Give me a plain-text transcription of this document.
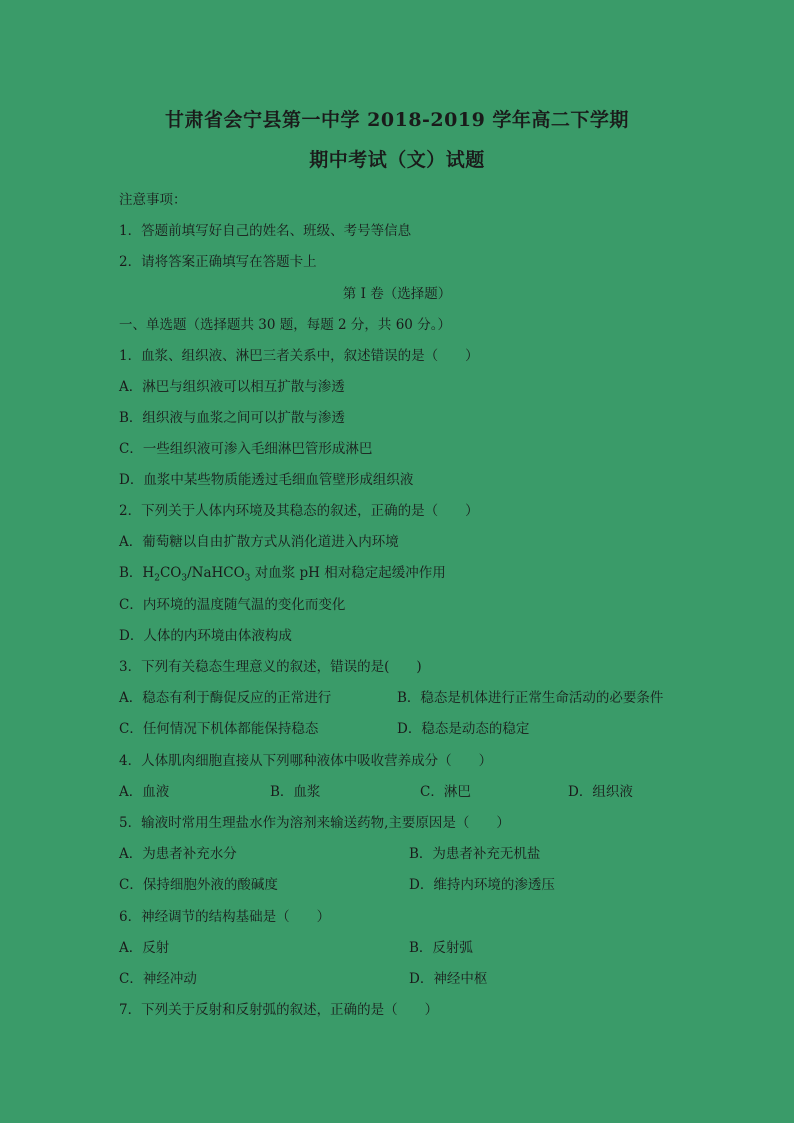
甘肃省会宁县第一中学 2018-2019 学年高二下学期
期中考试（文）试题
注意事项：
1．答题前填写好自己的姓名、班级、考号等信息
2．请将答案正确填写在答题卡上
第 I 卷（选择题）
一、单选题（选择题共 30 题，每题 2 分，共 60 分。）
1．血浆、组织液、淋巴三者关系中，叙述错误的是（　　）
A．淋巴与组织液可以相互扩散与渗透
B．组织液与血浆之间可以扩散与渗透
C．一些组织液可渗入毛细淋巴管形成淋巴
D．血浆中某些物质能透过毛细血管壁形成组织液
2．下列关于人体内环境及其稳态的叙述，正确的是（　　）
A．葡萄糖以自由扩散方式从消化道进入内环境
B．$H_2CO_3/NaHCO_3$ 对血浆 pH 相对稳定起缓冲作用
C．内环境的温度随气温的变化而变化
D．人体的内环境由体液构成
3．下列有关稳态生理意义的叙述，错误的是(　　)
A．稳态有利于酶促反应的正常进行	B．稳态是机体进行正常生命活动的必要条件
C．任何情况下机体都能保持稳态	D．稳态是动态的稳定
4．人体肌肉细胞直接从下列哪种液体中吸收营养成分（　　）
A．血液	B．血浆	C．淋巴	D．组织液
5．输液时常用生理盐水作为溶剂来输送药物,主要原因是（　　）
A．为患者补充水分	B．为患者补充无机盐
C．保持细胞外液的酸碱度	D．维持内环境的渗透压
6．神经调节的结构基础是（　　）
A．反射	B．反射弧
C．神经冲动	D．神经中枢
7．下列关于反射和反射弧的叙述，正确的是（　　）
